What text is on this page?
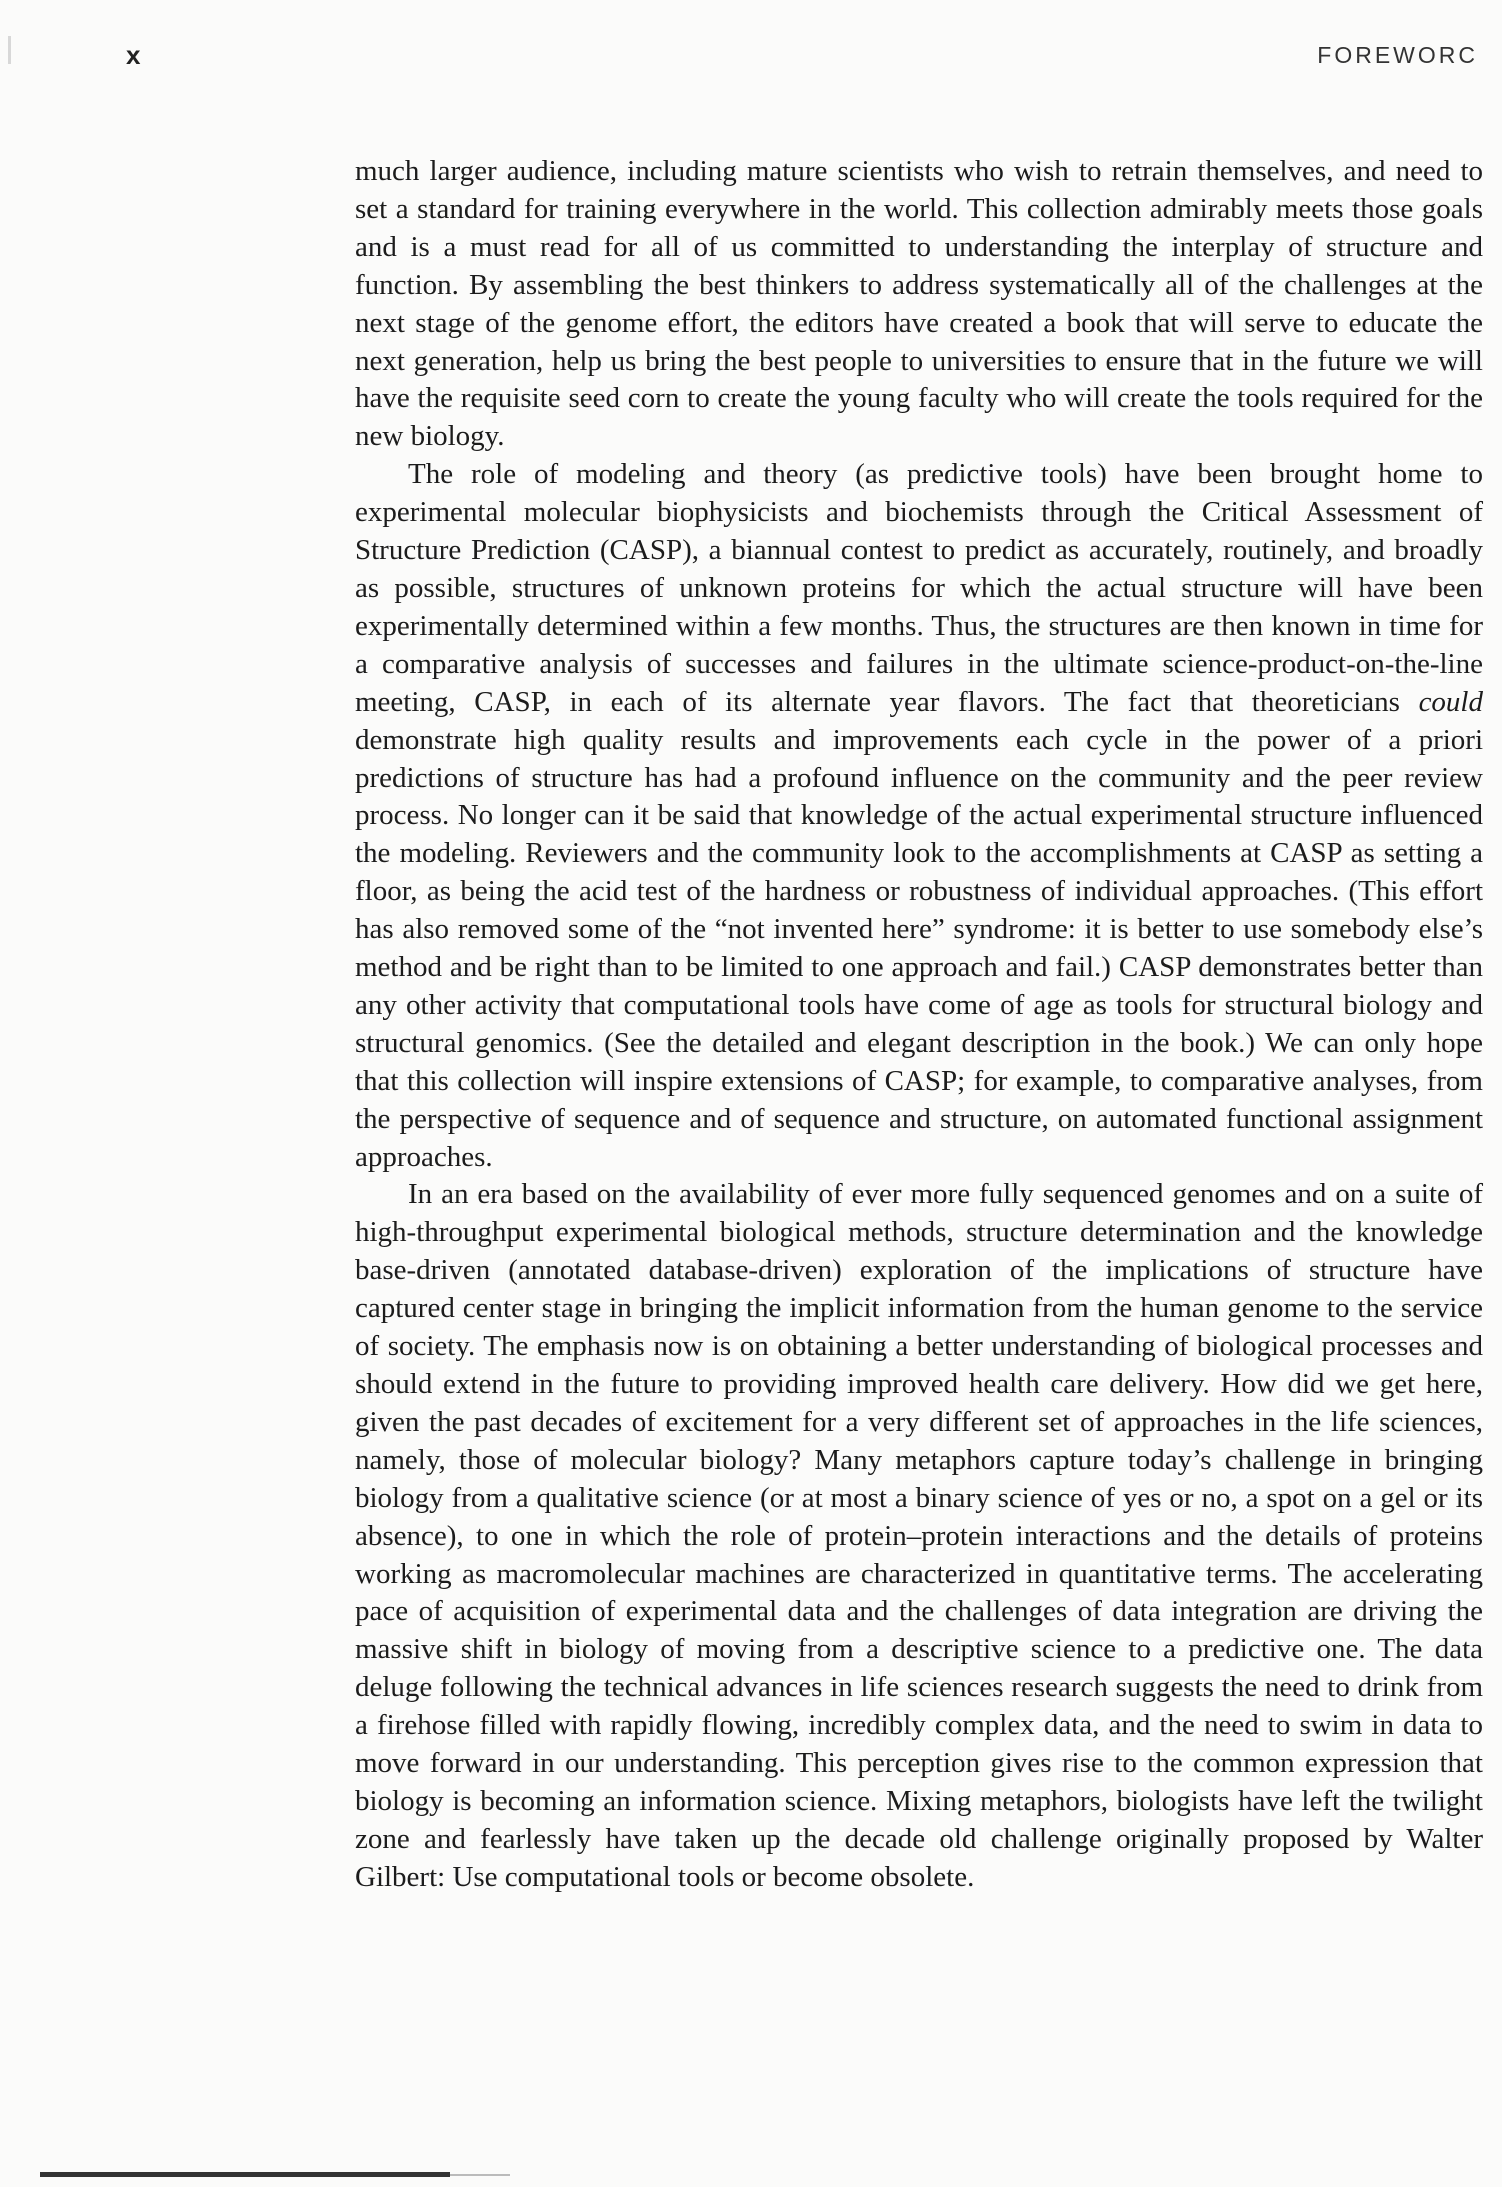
x	FOREWORC

much larger audience, including mature scientists who wish to retrain themselves, and need to set a standard for training everywhere in the world. This collection admirably meets those goals and is a must read for all of us committed to understanding the interplay of structure and function. By assembling the best thinkers to address systematically all of the challenges at the next stage of the genome effort, the editors have created a book that will serve to educate the next generation, help us bring the best people to universities to ensure that in the future we will have the requisite seed corn to create the young faculty who will create the tools required for the new biology.

The role of modeling and theory (as predictive tools) have been brought home to experimental molecular biophysicists and biochemists through the Critical Assessment of Structure Prediction (CASP), a biannual contest to predict as accurately, routinely, and broadly as possible, structures of unknown proteins for which the actual structure will have been experimentally determined within a few months. Thus, the structures are then known in time for a comparative analysis of successes and failures in the ultimate science-product-on-the-line meeting, CASP, in each of its alternate year flavors. The fact that theoreticians could demonstrate high quality results and improvements each cycle in the power of a priori predictions of structure has had a profound influence on the community and the peer review process. No longer can it be said that knowledge of the actual experimental structure influenced the modeling. Reviewers and the community look to the accomplishments at CASP as setting a floor, as being the acid test of the hardness or robustness of individual approaches. (This effort has also removed some of the “not invented here” syndrome: it is better to use somebody else’s method and be right than to be limited to one approach and fail.) CASP demonstrates better than any other activity that computational tools have come of age as tools for structural biology and structural genomics. (See the detailed and elegant description in the book.) We can only hope that this collection will inspire extensions of CASP; for example, to comparative analyses, from the perspective of sequence and of sequence and structure, on automated functional assignment approaches.

In an era based on the availability of ever more fully sequenced genomes and on a suite of high-throughput experimental biological methods, structure determination and the knowledge base-driven (annotated database-driven) exploration of the implications of structure have captured center stage in bringing the implicit information from the human genome to the service of society. The emphasis now is on obtaining a better understanding of biological processes and should extend in the future to providing improved health care delivery. How did we get here, given the past decades of excitement for a very different set of approaches in the life sciences, namely, those of molecular biology? Many metaphors capture today’s challenge in bringing biology from a qualitative science (or at most a binary science of yes or no, a spot on a gel or its absence), to one in which the role of protein–protein interactions and the details of proteins working as macromolecular machines are characterized in quantitative terms. The accelerating pace of acquisition of experimental data and the challenges of data integration are driving the massive shift in biology of moving from a descriptive science to a predictive one. The data deluge following the technical advances in life sciences research suggests the need to drink from a firehose filled with rapidly flowing, incredibly complex data, and the need to swim in data to move forward in our understanding. This perception gives rise to the common expression that biology is becoming an information science. Mixing metaphors, biologists have left the twilight zone and fearlessly have taken up the decade old challenge originally proposed by Walter Gilbert: Use computational tools or become obsolete.
